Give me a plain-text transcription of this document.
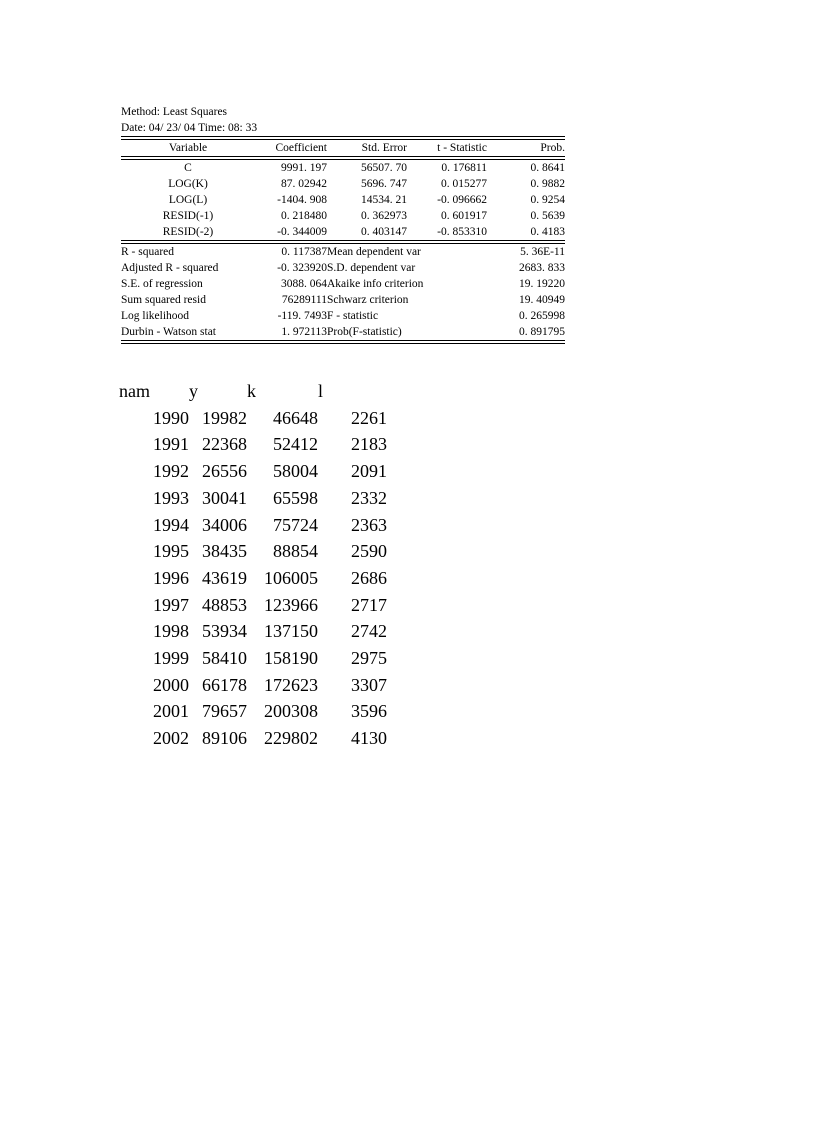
Method: Least Squares
Date: 04/ 23/ 04 Time: 08: 33
Variable	Coefficient	Std. Error	t - Statistic	Prob.
C	9991. 197	56507. 70	0. 176811	0. 8641
LOG(K)	87. 02942	5696. 747	0. 015277	0. 9882
LOG(L)	-1404. 908	14534. 21	-0. 096662	0. 9254
RESID(-1)	0. 218480	0. 362973	0. 601917	0. 5639
RESID(-2)	-0. 344009	0. 403147	-0. 853310	0. 4183
R - squared	0. 117387	Mean dependent var	5. 36E-11
Adjusted R - squared	-0. 323920	S.D. dependent var	2683. 833
S.E. of regression	3088. 064	Akaike info criterion	19. 19220
Sum squared resid	76289111	Schwarz criterion	19. 40949
Log likelihood	-119. 7493	F - statistic	0. 265998
Durbin - Watson stat	1. 972113	Prob(F-statistic)	0. 891795
nam	y	k	l
1990	19982	46648	2261
1991	22368	52412	2183
1992	26556	58004	2091
1993	30041	65598	2332
1994	34006	75724	2363
1995	38435	88854	2590
1996	43619	106005	2686
1997	48853	123966	2717
1998	53934	137150	2742
1999	58410	158190	2975
2000	66178	172623	3307
2001	79657	200308	3596
2002	89106	229802	4130
